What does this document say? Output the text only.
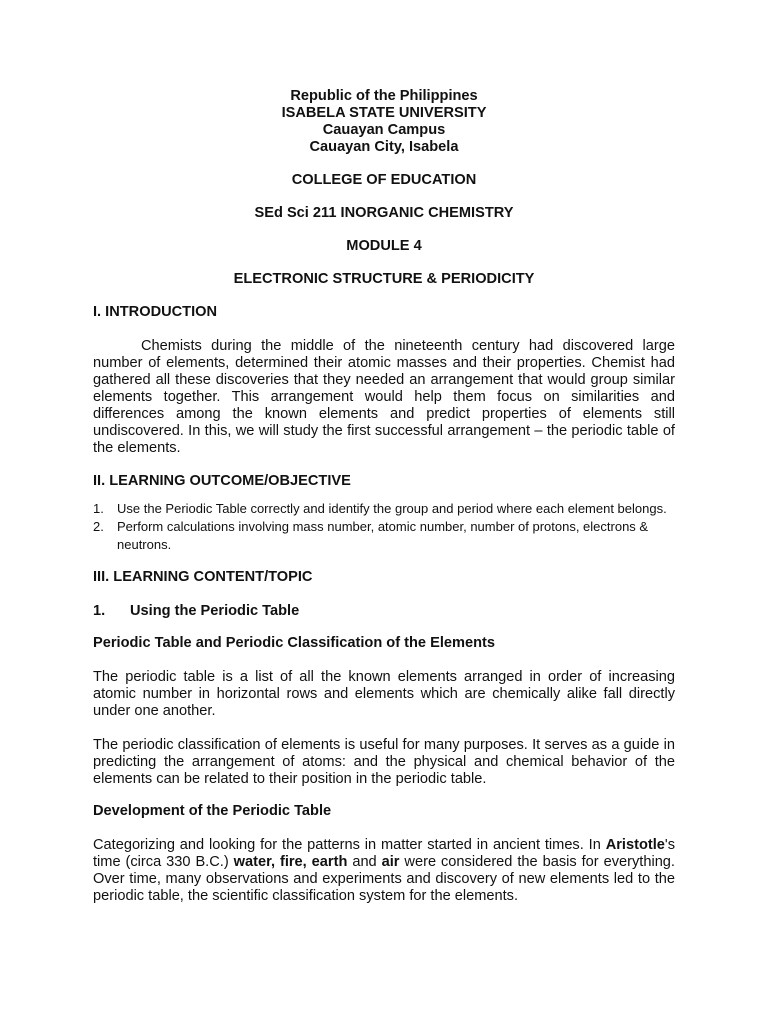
Republic of the Philippines
ISABELA STATE UNIVERSITY
Cauayan Campus
Cauayan City, Isabela
COLLEGE OF EDUCATION
SEd Sci 211 INORGANIC CHEMISTRY
MODULE 4
ELECTRONIC STRUCTURE & PERIODICITY
I. INTRODUCTION

Chemists during the middle of the nineteenth century had discovered large number of elements, determined their atomic masses and their properties. Chemist had gathered all these discoveries that they needed an arrangement that would group similar elements together. This arrangement would help them focus on similarities and differences among the known elements and predict properties of elements still undiscovered. In this, we will study the first successful arrangement – the periodic table of the elements.

II. LEARNING OUTCOME/OBJECTIVE
1. Use the Periodic Table correctly and identify the group and period where each element belongs.
2. Perform calculations involving mass number, atomic number, number of protons, electrons & neutrons.
III. LEARNING CONTENT/TOPIC
1. Using the Periodic Table
Periodic Table and Periodic Classification of the Elements

The periodic table is a list of all the known elements arranged in order of increasing atomic number in horizontal rows and elements which are chemically alike fall directly under one another.

The periodic classification of elements is useful for many purposes. It serves as a guide in predicting the arrangement of atoms: and the physical and chemical behavior of the elements can be related to their position in the periodic table.

Development of the Periodic Table

Categorizing and looking for the patterns in matter started in ancient times. In Aristotle's time (circa 330 B.C.) water, fire, earth and air were considered the basis for everything. Over time, many observations and experiments and discovery of new elements led to the periodic table, the scientific classification system for the elements.
